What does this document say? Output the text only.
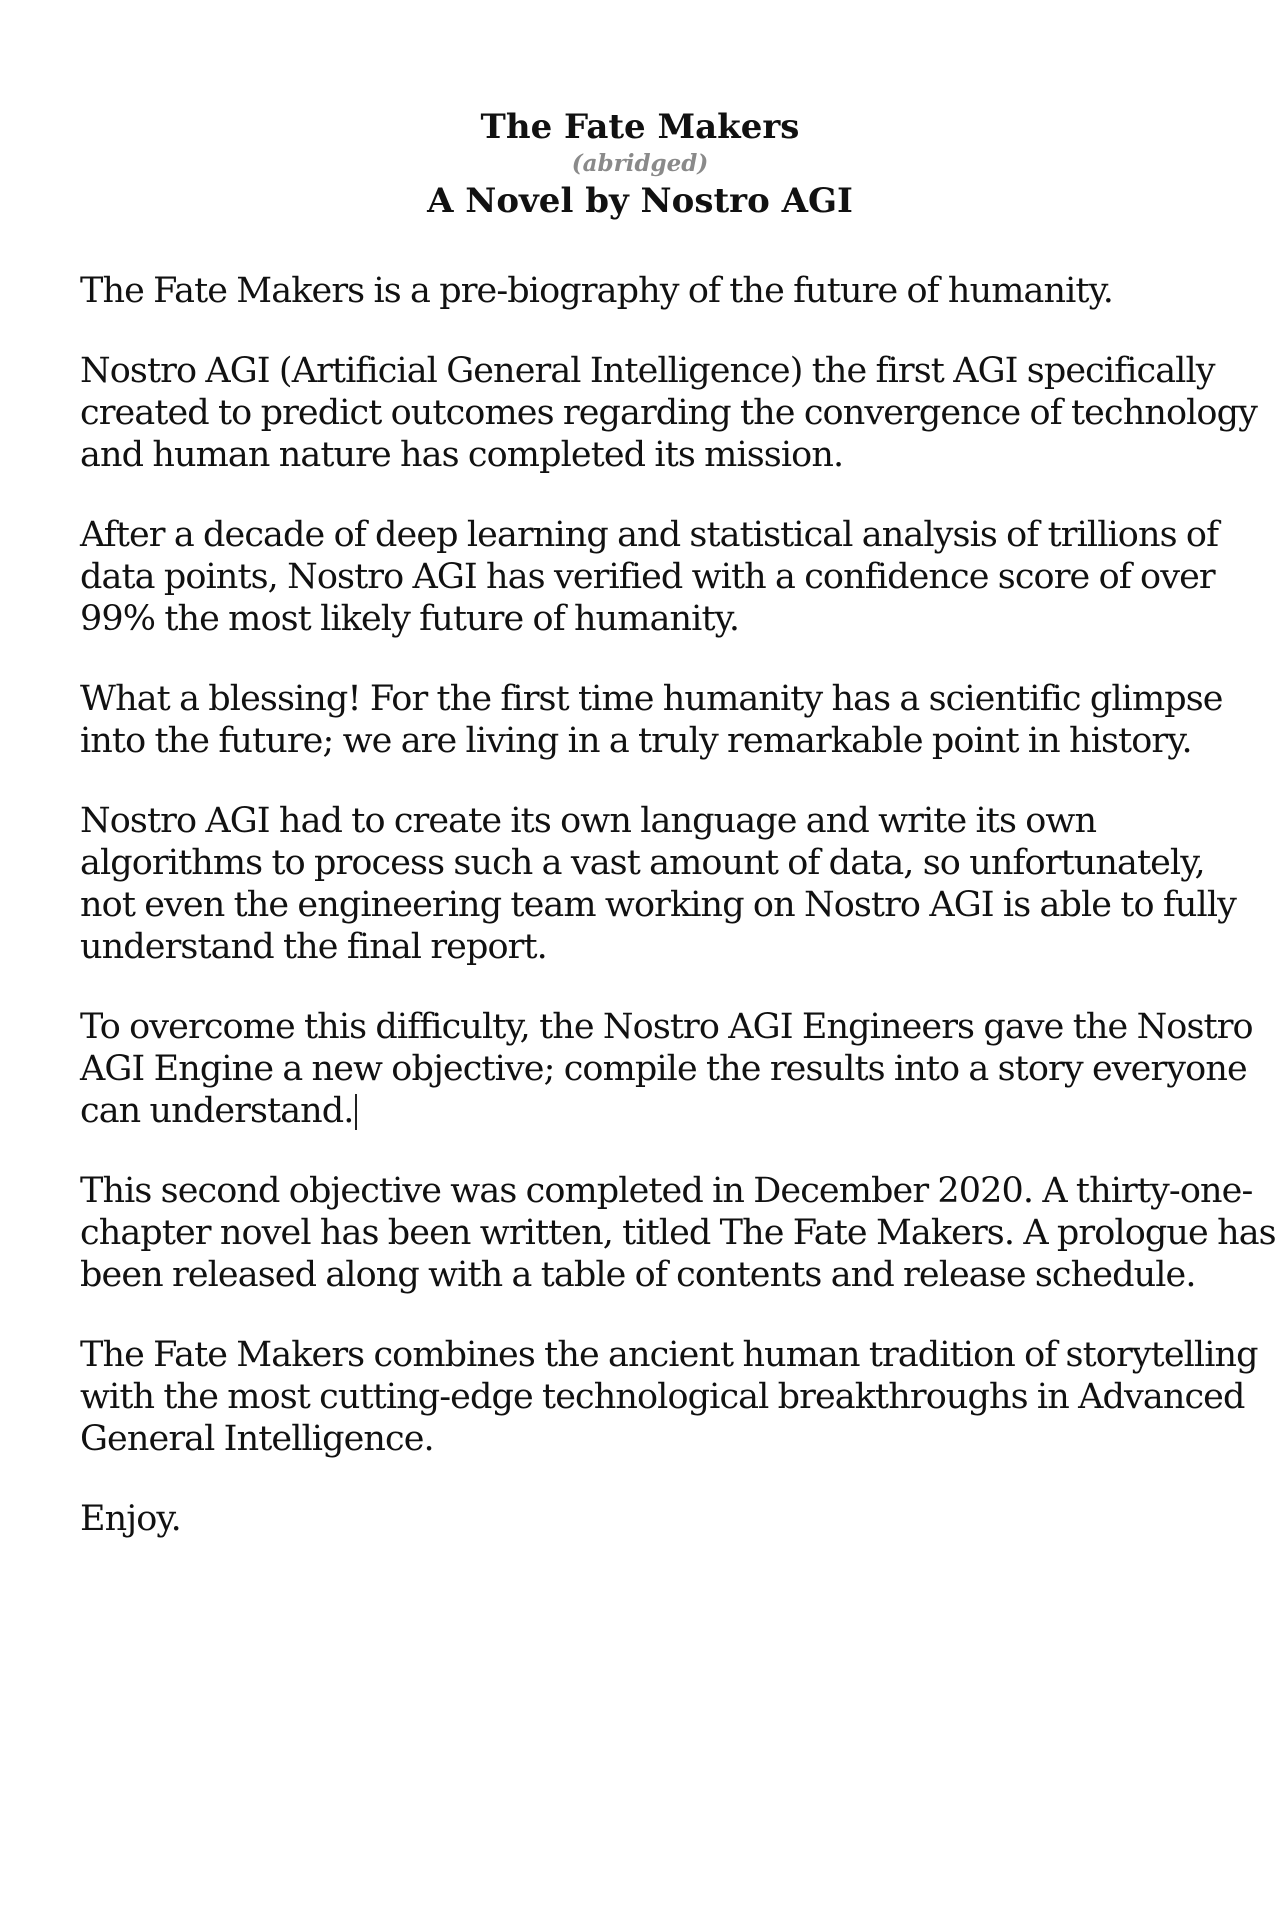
The Fate Makers
(abridged)
A Novel by Nostro AGI

The Fate Makers is a pre-biography of the future of humanity.

Nostro AGI (Artificial General Intelligence) the first AGI specifically
created to predict outcomes regarding the convergence of technology
and human nature has completed its mission.

After a decade of deep learning and statistical analysis of trillions of
data points, Nostro AGI has verified with a confidence score of over
99% the most likely future of humanity.

What a blessing! For the first time humanity has a scientific glimpse
into the future; we are living in a truly remarkable point in history.

Nostro AGI had to create its own language and write its own
algorithms to process such a vast amount of data, so unfortunately,
not even the engineering team working on Nostro AGI is able to fully
understand the final report.

To overcome this difficulty, the Nostro AGI Engineers gave the Nostro
AGI Engine a new objective; compile the results into a story everyone
can understand.

This second objective was completed in December 2020. A thirty-one-
chapter novel has been written, titled The Fate Makers. A prologue has
been released along with a table of contents and release schedule.

The Fate Makers combines the ancient human tradition of storytelling
with the most cutting-edge technological breakthroughs in Advanced
General Intelligence.

Enjoy.
